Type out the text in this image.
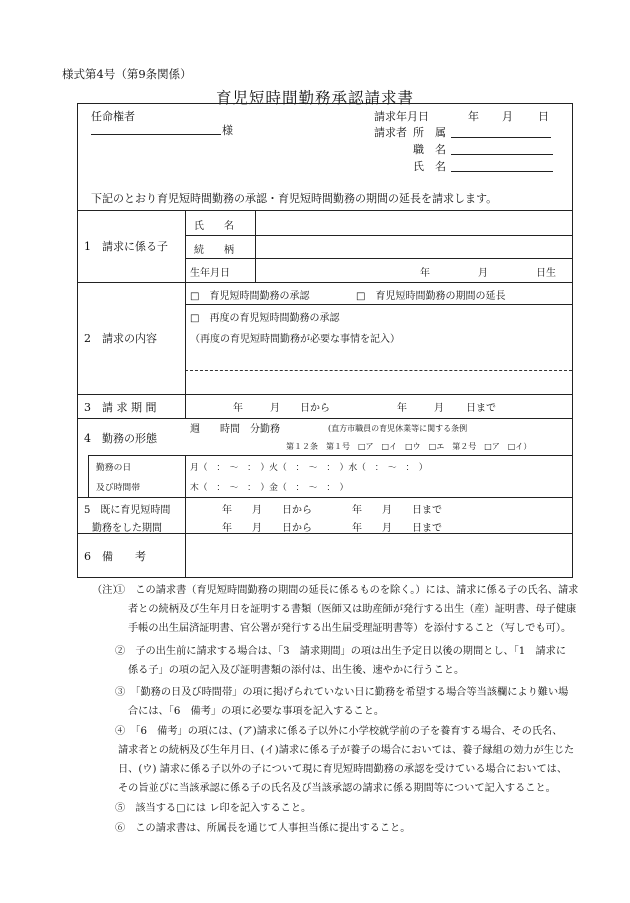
様式第4号（第9条関係）
育児短時間勤務承認請求書
任命権者
様
請求年月日	年 月 日
請求者 所　属
職　名
氏　名
下記のとおり育児短時間勤務の承認・育児短時間勤務の期間の延長を請求します。
1　請求に係る子
氏　　名
続　　柄
生年月日	年	月	日生
2　請求の内容
□　育児短時間勤務の承認	□　育児短時間勤務の期間の延長
□　再度の育児短時間勤務の承認
（再度の育児短時間勤務が必要な事情を記入）
3　請 求 期 間	年	月 日から	年	月 日まで
4　勤務の形態
週　　時間　分勤務	(直方市職員の育児休業等に関する条例
第１２条　第１号　□ア　□イ　□ウ　□エ　第２号　□ア　□イ）
勤務の日
及び時間帯
月（　：　～　：　）火（　：　～　：　）水（　：　～　：　）
木（　：　～　：　）金（　：　～　：　）
5　既に育児短時間
勤務をした期間
年　　月　　日から　　　　年　　月　　日まで
年　　月　　日から　　　　年　　月　　日まで
6　備　　考
（注）
①　この請求書（育児短時間勤務の期間の延長に係るものを除く。）には、請求に係る子の氏名、請求
者との続柄及び生年月日を証明する書類（医師又は助産師が発行する出生（産）証明書、母子健康
手帳の出生届済証明書、官公署が発行する出生届受理証明書等）を添付すること（写しでも可）。
②　子の出生前に請求する場合は、「3　請求期間」の項は出生予定日以後の期間とし、「1　請求に
係る子」の項の記入及び証明書類の添付は、出生後、速やかに行うこと。
③　「勤務の日及び時間帯」の項に掲げられていない日に勤務を希望する場合等当該欄により難い場
合には、「6　備考」の項に必要な事項を記入すること。
④　「6　備考」の項には、(ア)請求に係る子以外に小学校就学前の子を養育する場合、その氏名、
請求者との続柄及び生年月日、(イ)請求に係る子が養子の場合においては、養子縁組の効力が生じた
日、(ウ) 請求に係る子以外の子について現に育児短時間勤務の承認を受けている場合においては、
その旨並びに当該承認に係る子の氏名及び当該承認の請求に係る期間等について記入すること。
⑤　該当する□には レ印を記入すること。
⑥　この請求書は、所属長を通じて人事担当係に提出すること。
